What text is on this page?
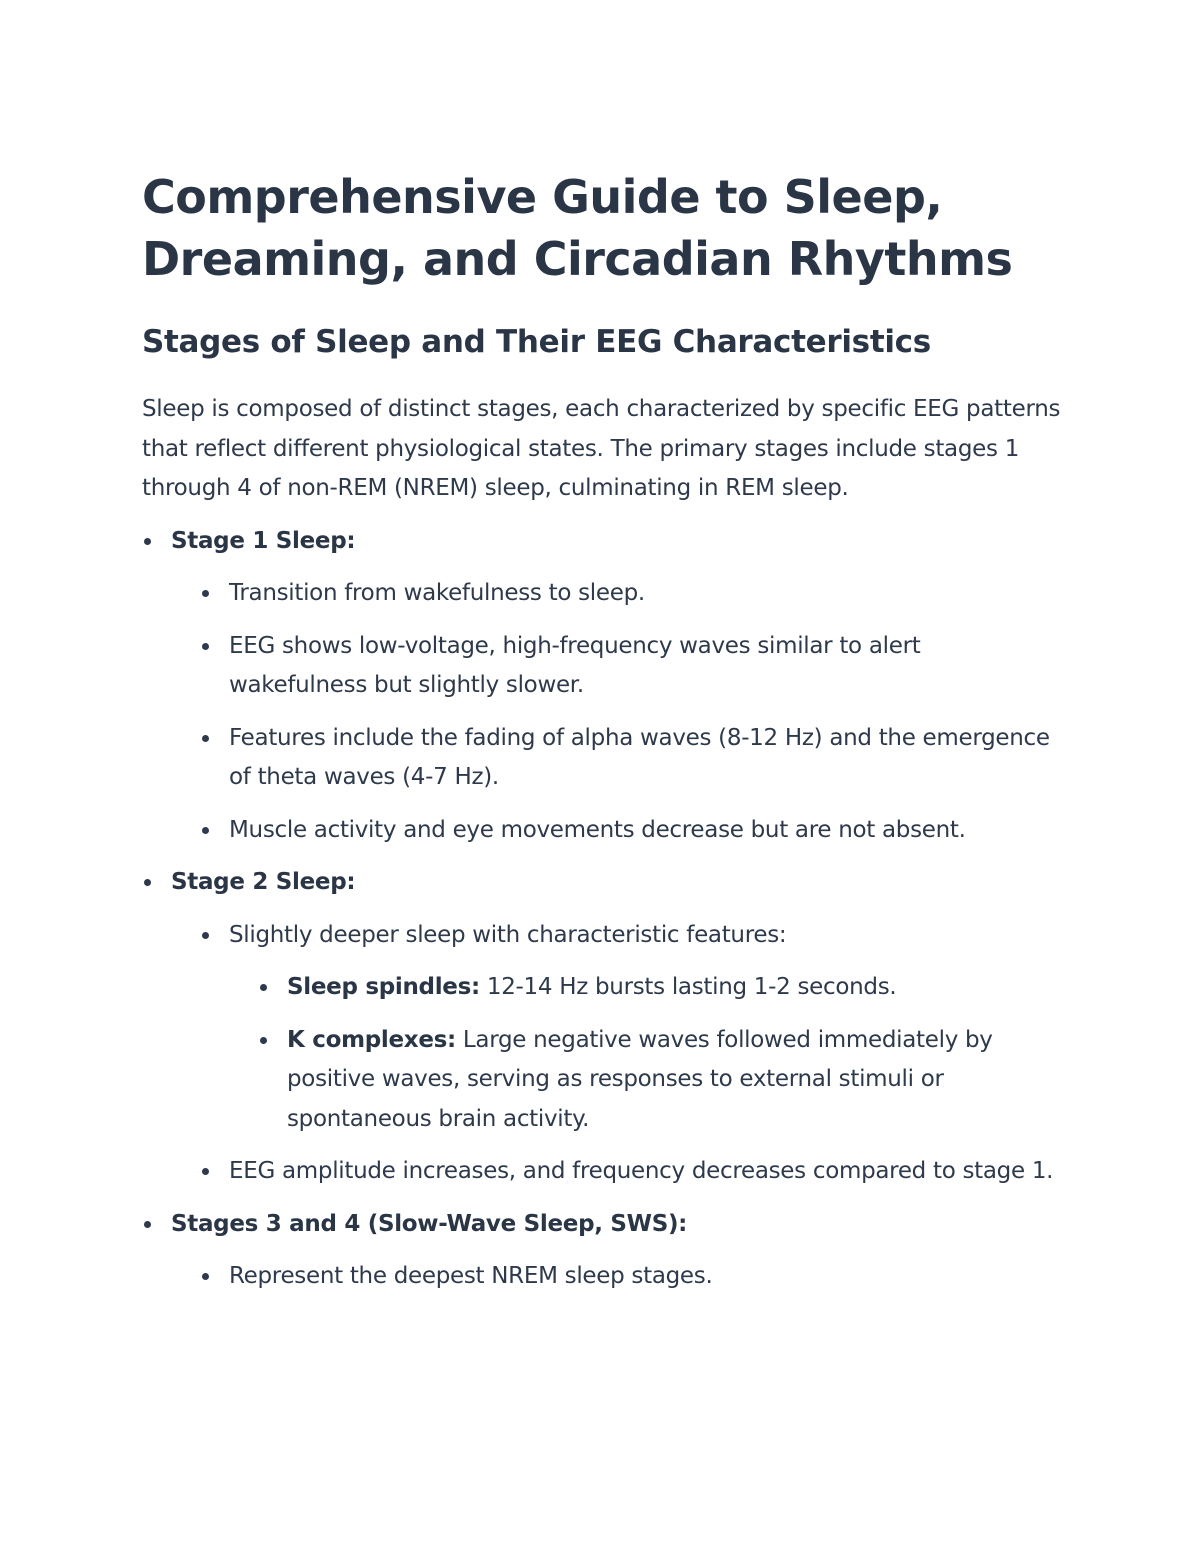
Comprehensive Guide to Sleep, Dreaming, and Circadian Rhythms
Stages of Sleep and Their EEG Characteristics

Sleep is composed of distinct stages, each characterized by specific EEG patterns that reflect different physiological states. The primary stages include stages 1 through 4 of non-REM (NREM) sleep, culminating in REM sleep.

Stage 1 Sleep:
Transition from wakefulness to sleep.
EEG shows low-voltage, high-frequency waves similar to alert wakefulness but slightly slower.
Features include the fading of alpha waves (8-12 Hz) and the emergence of theta waves (4-7 Hz).
Muscle activity and eye movements decrease but are not absent.
Stage 2 Sleep:
Slightly deeper sleep with characteristic features:
Sleep spindles: 12-14 Hz bursts lasting 1-2 seconds.
K complexes: Large negative waves followed immediately by positive waves, serving as responses to external stimuli or spontaneous brain activity.
EEG amplitude increases, and frequency decreases compared to stage 1.
Stages 3 and 4 (Slow-Wave Sleep, SWS):
Represent the deepest NREM sleep stages.
